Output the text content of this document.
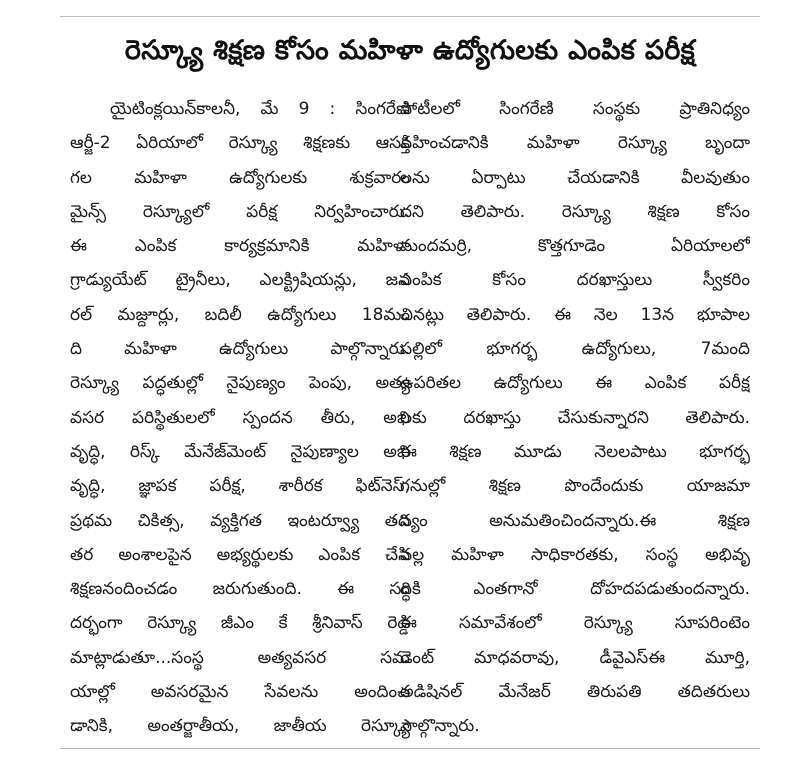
రెస్క్యూ శిక్షణ కోసం మహిళా ఉద్యోగులకు ఎంపిక పరీక్ష
యైటింక్లయిన్‌కాలనీ, మే 9 : సింగరేణి
ఆర్జీ-2 ఏరియాలో రెస్క్యూ శిక్షణకు ఆసక్తి
గల మహిళా ఉద్యోగులకు శుక్రవారం
మైన్స్ రెస్క్యూలో పరీక్ష నిర్వహించారు.
ఈ ఎంపిక కార్యక్రమానికి మహిళా
గ్రాడ్యుయేట్ ట్రైనీలు, ఎలక్ట్రిషియన్లు, జన
రల్ మజ్దూర్లు, బదిలీ ఉద్యోగులు 18మం
ది మహిళా ఉద్యోగులు పాల్గొన్నారు.
రెస్క్యూ పద్ధతుల్లో నైపుణ్యం పెంపు, అత్య
వసర పరిస్థితులలో స్పందన తీరు, అభి
వృద్ధి, రిస్క్ మేనేజ్‌మెంట్ నైపుణ్యాల అభి
వృద్ధి, జ్ఞాపక పరీక్ష, శారీరక ఫిట్‌నెస్,
ప్రథమ చికిత్స, వ్యక్తిగత ఇంటర్వ్యూ తది
తర అంశాలపైన అభ్యర్థులకు ఎంపిక చేసి
శిక్షణనందించడం జరుగుతుంది. ఈ సం
దర్భంగా రెస్క్యూ జీఎం కే శ్రీనివాస్ రెడ్డి
మాట్లాడుతూ...సంస్థ అత్యవసర సమ
యాల్లో అవసరమైన సేవలను అందించ
డానికి, అంతర్జాతీయ, జాతీయ రెస్క్యూ
పోటీలలో సింగరేణి సంస్థకు ప్రాతినిధ్యం
వహించడానికి మహిళా రెస్క్యూ బృందా
లను ఏర్పాటు చేయడానికి వీలవుతుం
దని తెలిపారు. రెస్క్యూ శిక్షణ కోసం
మందమర్రి, కొత్తగూడెం ఏరియాలలో
ఎంపిక కోసం దరఖాస్తులు స్వీకరిం
చినట్లు తెలిపారు. ఈ నెల 13న భూపాల
పల్లిలో భూగర్భ ఉద్యోగులు, 7మంది
ఉపరితల ఉద్యోగులు ఈ ఎంపిక పరీక్ష
లకు దరఖాస్తు చేసుకున్నారని తెలిపారు.
ఈ శిక్షణ మూడు నెలలపాటు భూగర్భ
గనుల్లో శిక్షణ పొందేందుకు యాజమా
న్యం అనుమతించిందన్నారు.ఈ శిక్షణ
వల్ల మహిళా సాధికారతకు, సంస్థ అభివృ
ద్ధికి ఎంతగానో దోహదపడుతుందన్నారు.
ఈ సమావేశంలో రెస్క్యూ సూపరింటెం
డెంట్ మాధవరావు, డీవైఎస్ఈ మూర్తి,
అడిషినల్ మేనేజర్ తిరుపతి తదితరులు
పాల్గొన్నారు.
